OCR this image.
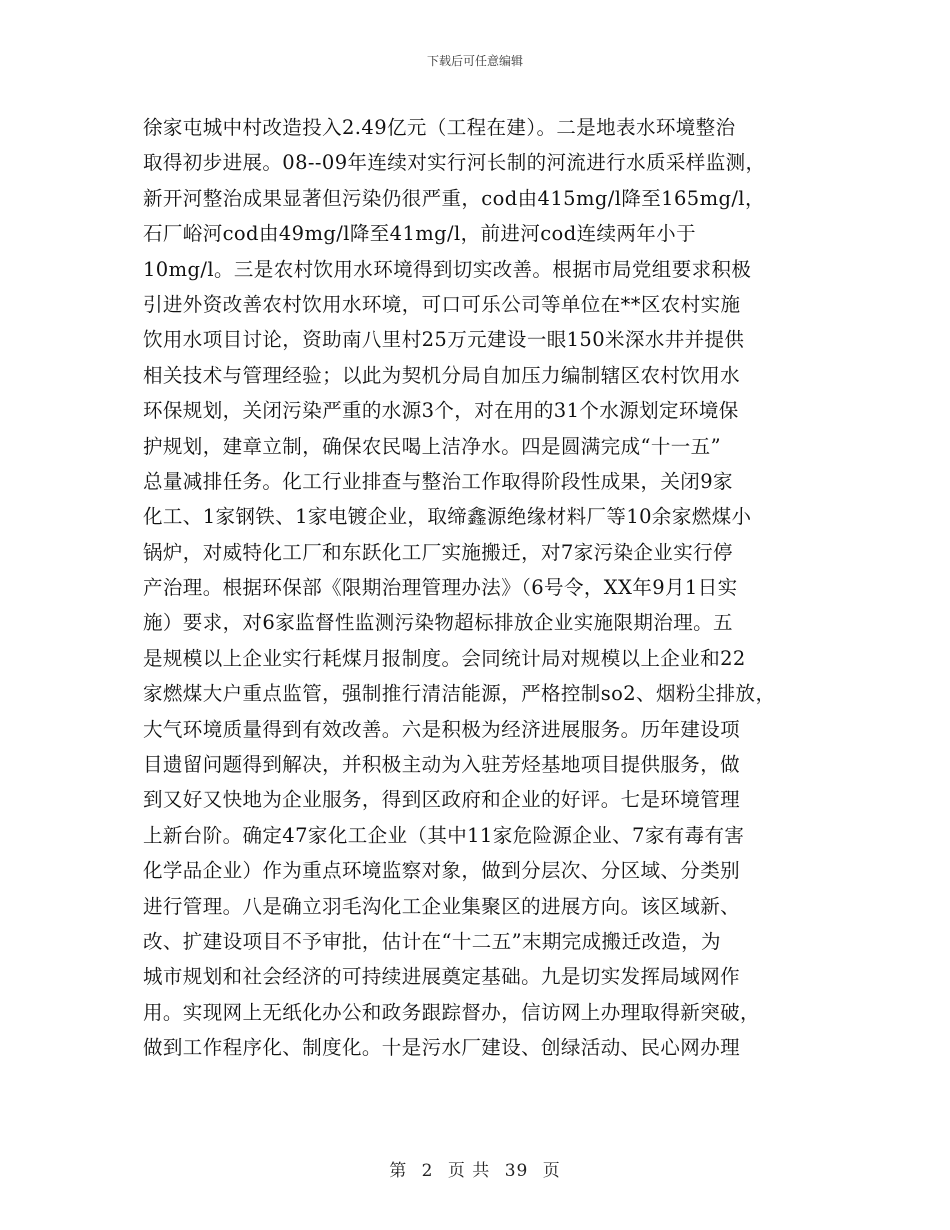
下载后可任意编辑
徐家屯城中村改造投入2.49亿元（工程在建）。二是地表水环境整治
取得初步进展。08--09年连续对实行河长制的河流进行水质采样监测，
新开河整治成果显著但污染仍很严重，cod由415mg/l降至165mg/l，
石厂峪河cod由49mg/l降至41mg/l，前进河cod连续两年小于
10mg/l。三是农村饮用水环境得到切实改善。根据市局党组要求积极
引进外资改善农村饮用水环境，可口可乐公司等单位在**区农村实施
饮用水项目讨论，资助南八里村25万元建设一眼150米深水井并提供
相关技术与管理经验；以此为契机分局自加压力编制辖区农村饮用水
环保规划，关闭污染严重的水源3个，对在用的31个水源划定环境保
护规划，建章立制，确保农民喝上洁净水。四是圆满完成“十一五”
总量减排任务。化工行业排查与整治工作取得阶段性成果，关闭9家
化工、1家钢铁、1家电镀企业，取缔鑫源绝缘材料厂等10余家燃煤小
锅炉，对威特化工厂和东跃化工厂实施搬迁，对7家污染企业实行停
产治理。根据环保部《限期治理管理办法》（6号令，XX年9月1日实
施）要求，对6家监督性监测污染物超标排放企业实施限期治理。五
是规模以上企业实行耗煤月报制度。会同统计局对规模以上企业和22
家燃煤大户重点监管，强制推行清洁能源，严格控制so2、烟粉尘排放，
大气环境质量得到有效改善。六是积极为经济进展服务。历年建设项
目遗留问题得到解决，并积极主动为入驻芳烃基地项目提供服务，做
到又好又快地为企业服务，得到区政府和企业的好评。七是环境管理
上新台阶。确定47家化工企业（其中11家危险源企业、7家有毒有害
化学品企业）作为重点环境监察对象，做到分层次、分区域、分类别
进行管理。八是确立羽毛沟化工企业集聚区的进展方向。该区域新、
改、扩建设项目不予审批，估计在“十二五”末期完成搬迁改造，为
城市规划和社会经济的可持续进展奠定基础。九是切实发挥局域网作
用。实现网上无纸化办公和政务跟踪督办，信访网上办理取得新突破，
做到工作程序化、制度化。十是污水厂建设、创绿活动、民心网办理
第 2 页 共 39 页
